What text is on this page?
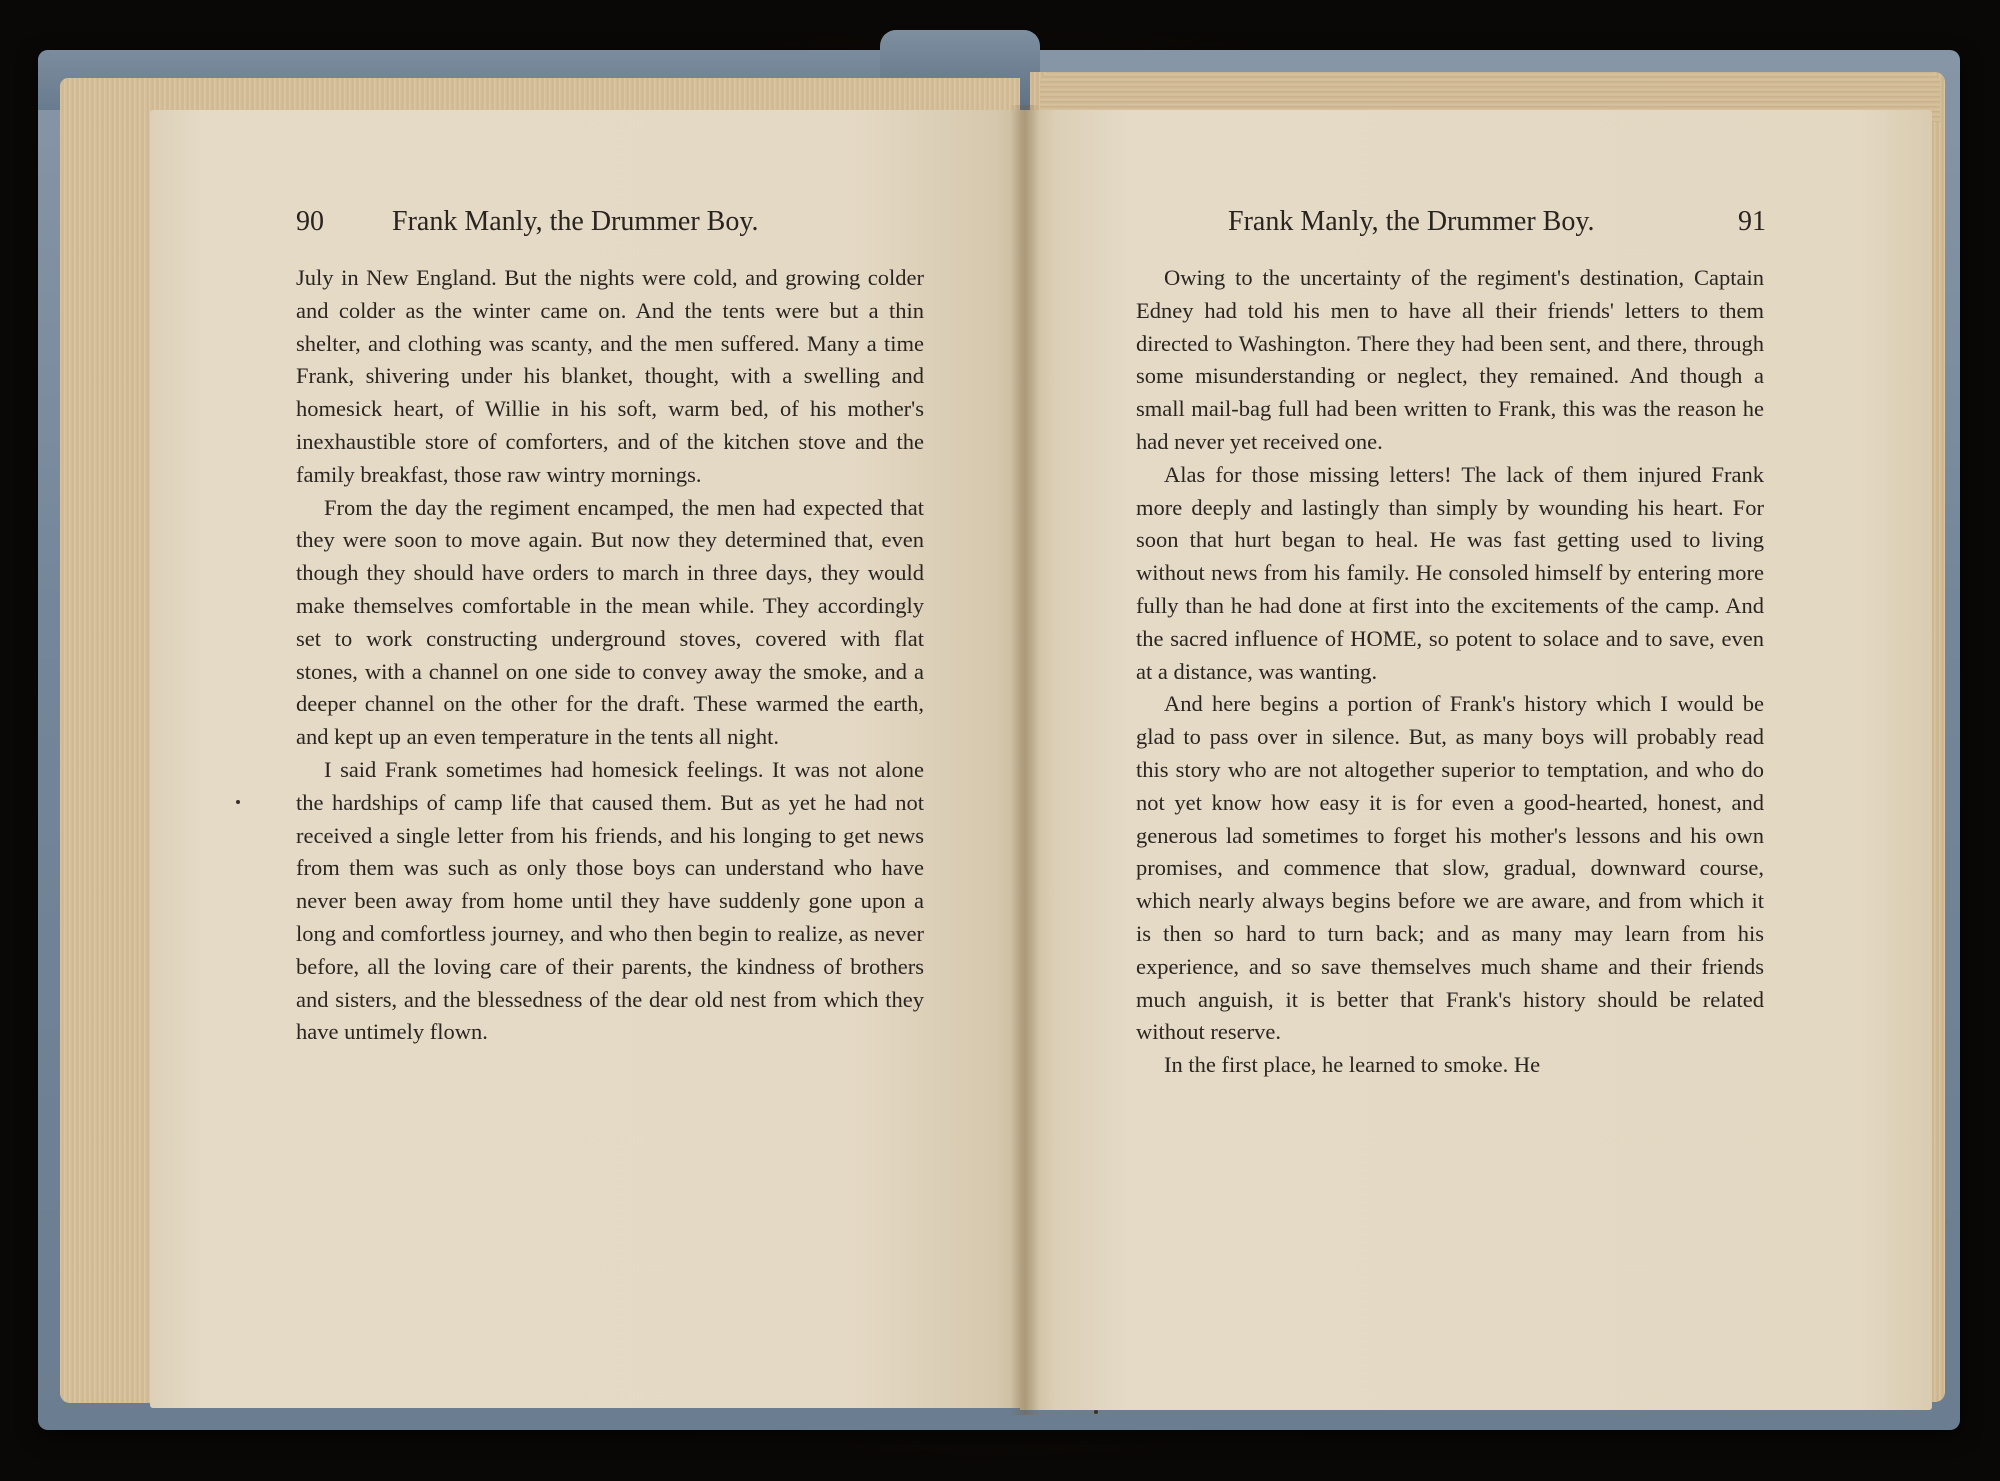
90 Frank Manly, the Drummer Boy.

July in New England. But the nights were cold, and growing colder and colder as the winter came on. And the tents were but a thin shelter, and clothing was scanty, and the men suffered. Many a time Frank, shivering under his blanket, thought, with a swelling and homesick heart, of Willie in his soft, warm bed, of his mother's inexhaustible store of comforters, and of the kitchen stove and the family breakfast, those raw wintry mornings.

From the day the regiment encamped, the men had expected that they were soon to move again. But now they determined that, even though they should have orders to march in three days, they would make themselves comfortable in the mean while. They accordingly set to work constructing underground stoves, covered with flat stones, with a channel on one side to convey away the smoke, and a deeper channel on the other for the draft. These warmed the earth, and kept up an even temperature in the tents all night.

I said Frank sometimes had homesick feelings. It was not alone the hardships of camp life that caused them. But as yet he had not received a single letter from his friends, and his longing to get news from them was such as only those boys can understand who have never been away from home until they have suddenly gone upon a long and comfortless journey, and who then begin to realize, as never before, all the loving care of their parents, the kindness of brothers and sisters, and the blessedness of the dear old nest from which they have untimely flown.

Frank Manly, the Drummer Boy.	91

Owing to the uncertainty of the regiment's destination, Captain Edney had told his men to have all their friends' letters to them directed to Washington. There they had been sent, and there, through some misunderstanding or neglect, they remained. And though a small mail-bag full had been written to Frank, this was the reason he had never yet received one.

Alas for those missing letters! The lack of them injured Frank more deeply and lastingly than simply by wounding his heart. For soon that hurt began to heal. He was fast getting used to living without news from his family. He consoled himself by entering more fully than he had done at first into the excitements of the camp. And the sacred influence of HOME, so potent to solace and to save, even at a distance, was wanting.

And here begins a portion of Frank's history which I would be glad to pass over in silence. But, as many boys will probably read this story who are not altogether superior to temptation, and who do not yet know how easy it is for even a good-hearted, honest, and generous lad sometimes to forget his mother's lessons and his own promises, and commence that slow, gradual, downward course, which nearly always begins before we are aware, and from which it is then so hard to turn back; and as many may learn from his experience, and so save themselves much shame and their friends much anguish, it is better that Frank's history should be related without reserve.

In the first place, he learned to smoke. He
